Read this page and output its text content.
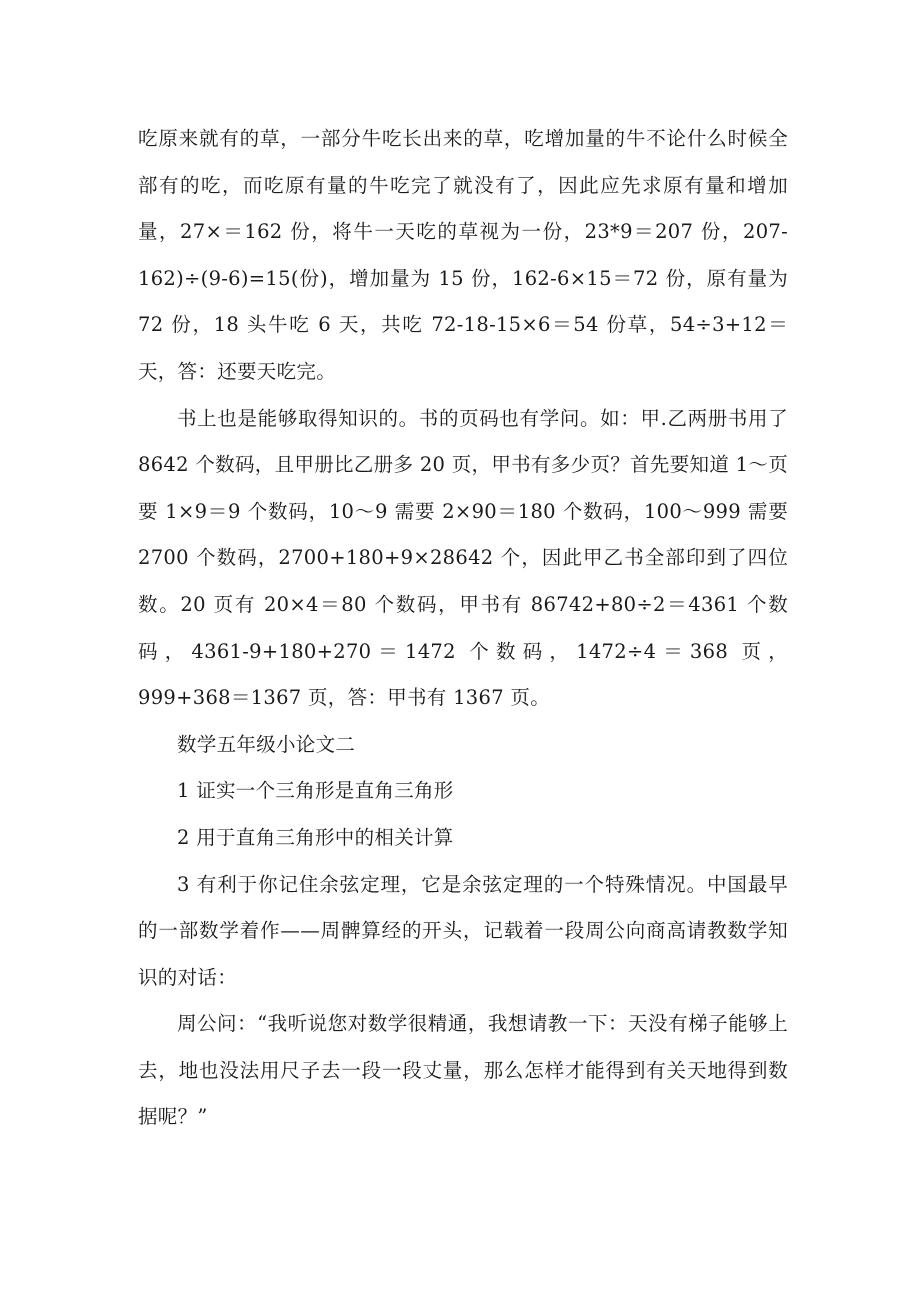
吃原来就有的草，一部分牛吃长出来的草，吃增加量的牛不论什么时候全部有的吃，而吃原有量的牛吃完了就没有了，因此应先求原有量和增加量，27×＝162 份，将牛一天吃的草视为一份，23*9＝207 份，207-162)÷(9-6)=15(份)，增加量为 15 份，162-6×15＝72 份，原有量为 72 份，18 头牛吃 6 天，共吃 72-18-15×6＝54 份草，54÷3+12＝天，答：还要天吃完。

书上也是能够取得知识的。书的页码也有学问。如：甲.乙两册书用了 8642 个数码，且甲册比乙册多 20 页，甲书有多少页？首先要知道 1～页要 1×9＝9 个数码，10～9 需要 2×90＝180 个数码，100～999 需要 2700 个数码，2700+180+9×28642 个，因此甲乙书全部印到了四位数。20 页有 20×4＝80 个数码，甲书有 86742+80÷2＝4361 个数码，4361-9+180+270＝1472 个数码，1472÷4＝368 页，999+368＝1367 页，答：甲书有 1367 页。

数学五年级小论文二

1 证实一个三角形是直角三角形

2 用于直角三角形中的相关计算

3 有利于你记住余弦定理，它是余弦定理的一个特殊情况。中国最早的一部数学着作——周髀算经的开头，记载着一段周公向商高请教数学知识的对话：

周公问：“我听说您对数学很精通，我想请教一下：天没有梯子能够上去，地也没法用尺子去一段一段丈量，那么怎样才能得到有关天地得到数据呢？”
